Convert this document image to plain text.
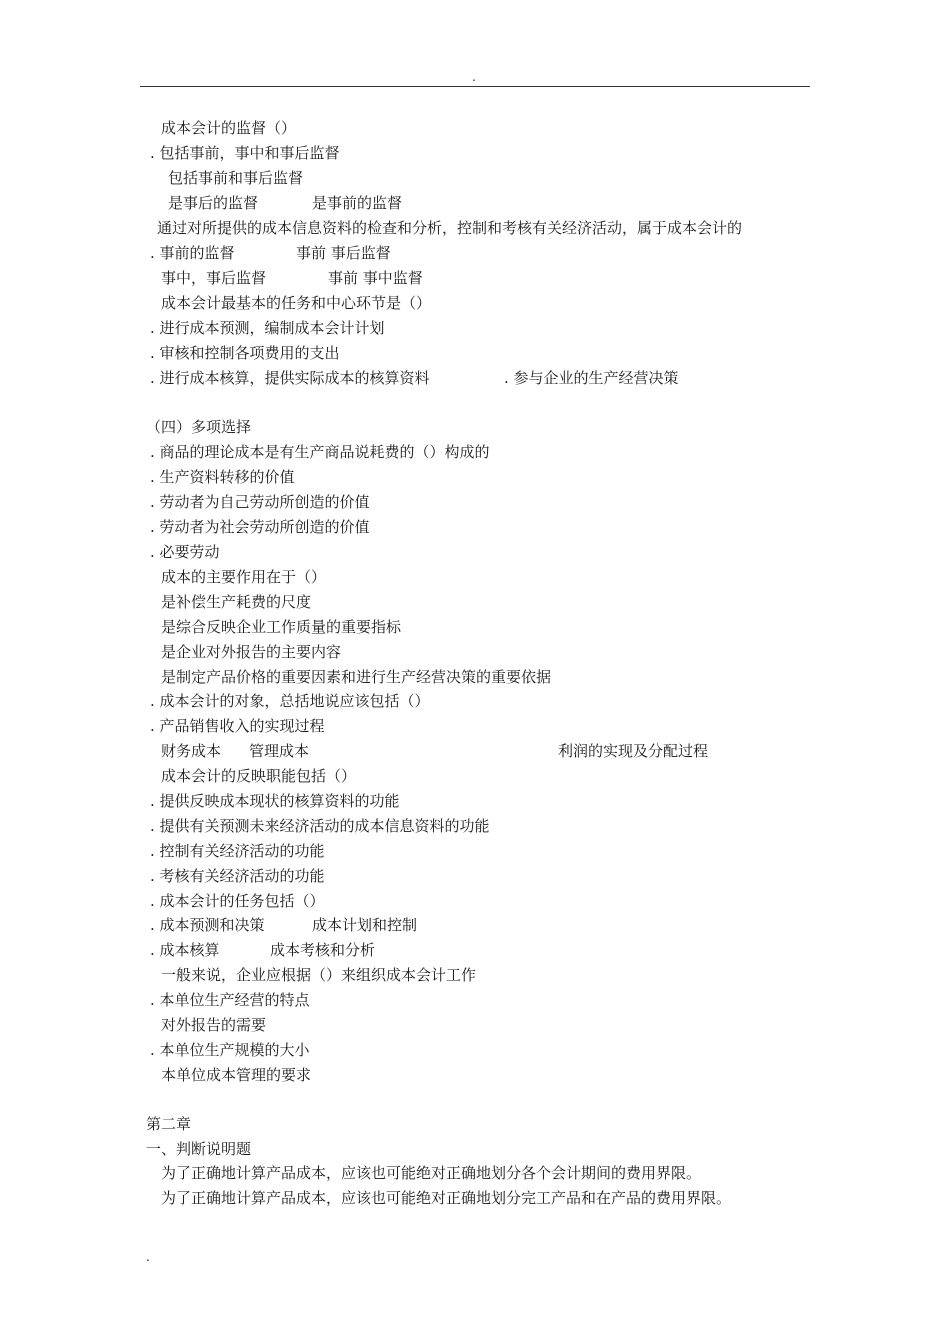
.
成本会计的监督（）
. 包括事前，事中和事后监督
包括事前和事后监督
是事后的监督	是事前的监督
通过对所提供的成本信息资料的检查和分析，控制和考核有关经济活动，属于成本会计的
. 事前的监督	事前 事后监督
事中，事后监督	事前 事中监督
成本会计最基本的任务和中心环节是（）
. 进行成本预测，编制成本会计计划
. 审核和控制各项费用的支出
. 进行成本核算，提供实际成本的核算资料	. 参与企业的生产经营决策
（四）多项选择
. 商品的理论成本是有生产商品说耗费的（）构成的
. 生产资料转移的价值
. 劳动者为自己劳动所创造的价值
. 劳动者为社会劳动所创造的价值
. 必要劳动
成本的主要作用在于（）
是补偿生产耗费的尺度
是综合反映企业工作质量的重要指标
是企业对外报告的主要内容
是制定产品价格的重要因素和进行生产经营决策的重要依据
. 成本会计的对象，总括地说应该包括（）
. 产品销售收入的实现过程
财务成本 管理成本	利润的实现及分配过程
成本会计的反映职能包括（）
. 提供反映成本现状的核算资料的功能
. 提供有关预测未来经济活动的成本信息资料的功能
. 控制有关经济活动的功能
. 考核有关经济活动的功能
. 成本会计的任务包括（）
. 成本预测和决策	成本计划和控制
. 成本核算	成本考核和分析
一般来说，企业应根据（）来组织成本会计工作
. 本单位生产经营的特点
对外报告的需要
. 本单位生产规模的大小
本单位成本管理的要求
第二章
一、判断说明题
为了正确地计算产品成本，应该也可能绝对正确地划分各个会计期间的费用界限。
为了正确地计算产品成本，应该也可能绝对正确地划分完工产品和在产品的费用界限。
.
